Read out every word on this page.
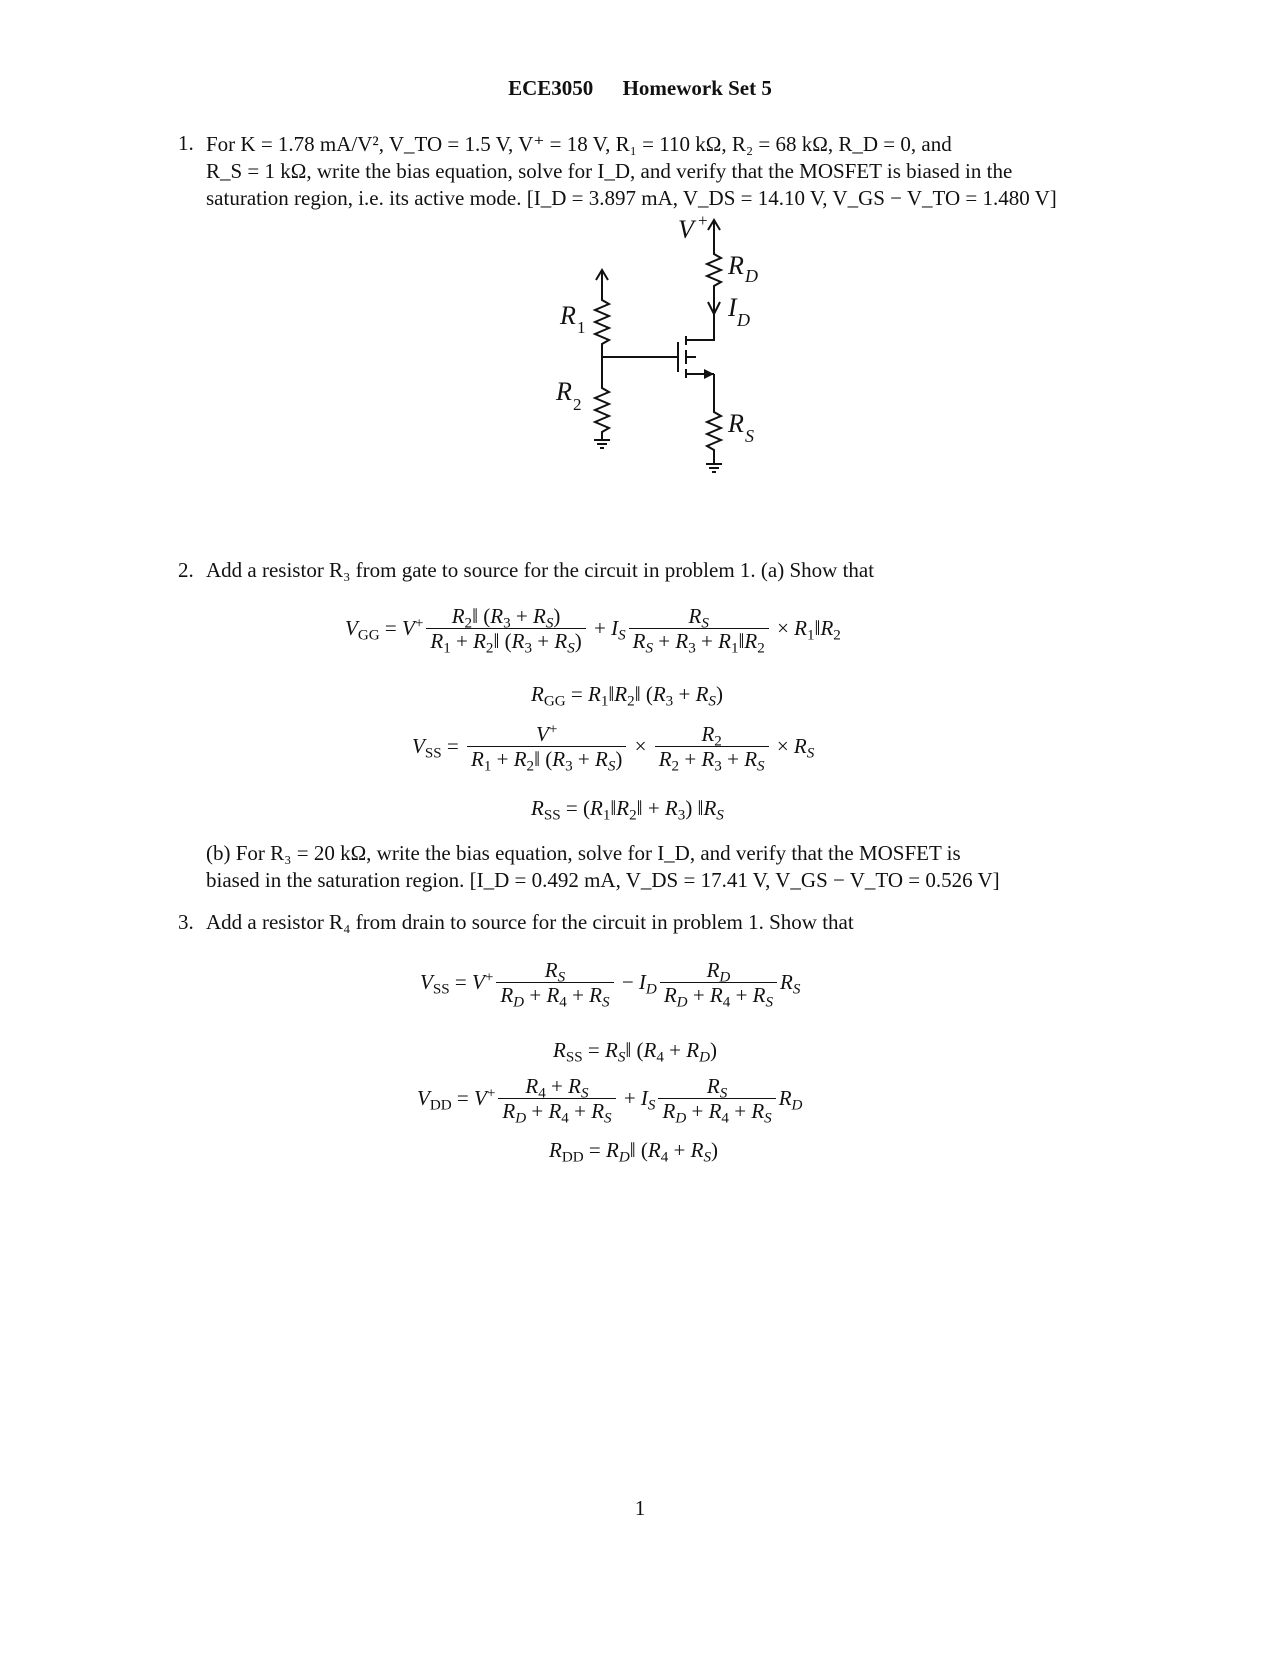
ECE3050 Homework Set 5
1. For K = 1.78 mA/V², V_TO = 1.5 V, V⁺ = 18 V, R₁ = 110 kΩ, R₂ = 68 kΩ, R_D = 0, and
R_S = 1 kΩ, write the bias equation, solve for I_D, and verify that the MOSFET is biased in the
saturation region, i.e. its active mode. [I_D = 3.897 mA, V_DS = 14.10 V, V_GS − V_TO = 1.480 V]
V +
R 1
R 2
R D
I D
R S
2. Add a resistor R₃ from gate to source for the circuit in problem 1. (a) Show that
$V_{GG} = V^+ \frac{R_2‖ (R_3 + R_S)}{R_1 + R_2‖ (R_3 + R_S)} + I_S \frac{R_S}{R_S + R_3 + R_1‖R_2}$ × $R_1‖R_2$
$R_{GG}$ = $R_1‖R_2‖$ $(R_3 + R_S)$
$V_{SS} = \frac{V^+}{R_1 + R_2‖ (R_3 + R_S)} \times \frac{R_2}{R_2 + R_3 + R_S} \times R_S$
$R_{SS}$ = $(R_1‖R_2‖ + R_3)$ $‖R_S$
(b) For R₃ = 20 kΩ, write the bias equation, solve for I_D, and verify that the MOSFET is
biased in the saturation region. [I_D = 0.492 mA, V_DS = 17.41 V, V_GS − V_TO = 0.526 V]
3. Add a resistor R₄ from drain to source for the circuit in problem 1. Show that
$V_{SS} = V^+ \frac{R_S}{R_D + R_4 + R_S} - I_D \frac{R_D}{R_D + R_4 + R_S} R_S$
$R_{SS}$ = $R_S‖$ $(R_4 + R_D)$
$V_{DD} = V^+ \frac{R_4 + R_S}{R_D + R_4 + R_S} + I_S \frac{R_S}{R_D + R_4 + R_S} R_D$
$R_{DD}$ = $R_D‖$ $(R_4 + R_S)$
1
